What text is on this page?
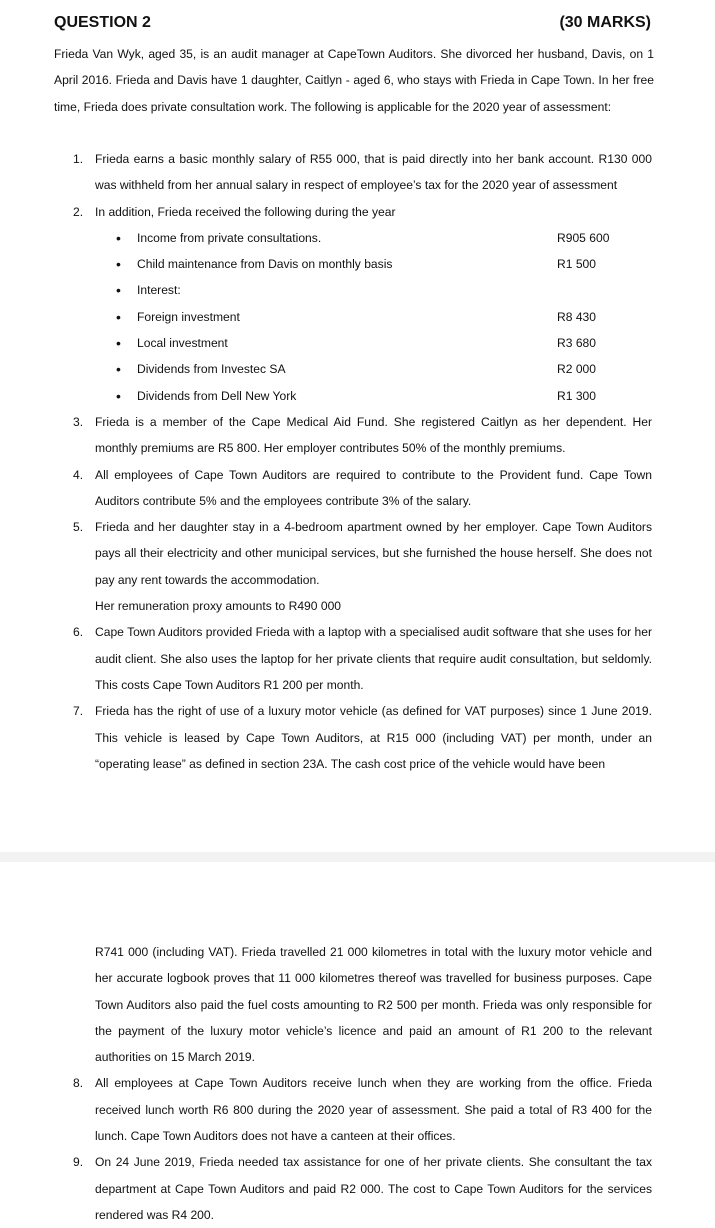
QUESTION 2	(30 MARKS)
Frieda Van Wyk, aged 35, is an audit manager at CapeTown Auditors. She divorced her husband, Davis, on 1 April 2016. Frieda and Davis have 1 daughter, Caitlyn - aged 6, who stays with Frieda in Cape Town. In her free time, Frieda does private consultation work. The following is applicable for the 2020 year of assessment:
1. Frieda earns a basic monthly salary of R55 000, that is paid directly into her bank account. R130 000 was withheld from her annual salary in respect of employee’s tax for the 2020 year of assessment
2. In addition, Frieda received the following during the year
• Income from private consultations.	R905 600
• Child maintenance from Davis on monthly basis	R1 500
• Interest:
• Foreign investment	R8 430
• Local investment	R3 680
• Dividends from Investec SA	R2 000
• Dividends from Dell New York	R1 300
3. Frieda is a member of the Cape Medical Aid Fund. She registered Caitlyn as her dependent. Her monthly premiums are R5 800. Her employer contributes 50% of the monthly premiums.
4. All employees of Cape Town Auditors are required to contribute to the Provident fund. Cape Town Auditors contribute 5% and the employees contribute 3% of the salary.
5. Frieda and her daughter stay in a 4-bedroom apartment owned by her employer. Cape Town Auditors pays all their electricity and other municipal services, but she furnished the house herself. She does not pay any rent towards the accommodation.
Her remuneration proxy amounts to R490 000
6. Cape Town Auditors provided Frieda with a laptop with a specialised audit software that she uses for her audit client. She also uses the laptop for her private clients that require audit consultation, but seldomly. This costs Cape Town Auditors R1 200 per month.
7. Frieda has the right of use of a luxury motor vehicle (as defined for VAT purposes) since 1 June 2019. This vehicle is leased by Cape Town Auditors, at R15 000 (including VAT) per month, under an “operating lease” as defined in section 23A. The cash cost price of the vehicle would have been
R741 000 (including VAT). Frieda travelled 21 000 kilometres in total with the luxury motor vehicle and her accurate logbook proves that 11 000 kilometres thereof was travelled for business purposes. Cape Town Auditors also paid the fuel costs amounting to R2 500 per month. Frieda was only responsible for the payment of the luxury motor vehicle’s licence and paid an amount of R1 200 to the relevant authorities on 15 March 2019.
8. All employees at Cape Town Auditors receive lunch when they are working from the office. Frieda received lunch worth R6 800 during the 2020 year of assessment. She paid a total of R3 400 for the lunch. Cape Town Auditors does not have a canteen at their offices.
9. On 24 June 2019, Frieda needed tax assistance for one of her private clients. She consultant the tax department at Cape Town Auditors and paid R2 000. The cost to Cape Town Auditors for the services rendered was R4 200.
